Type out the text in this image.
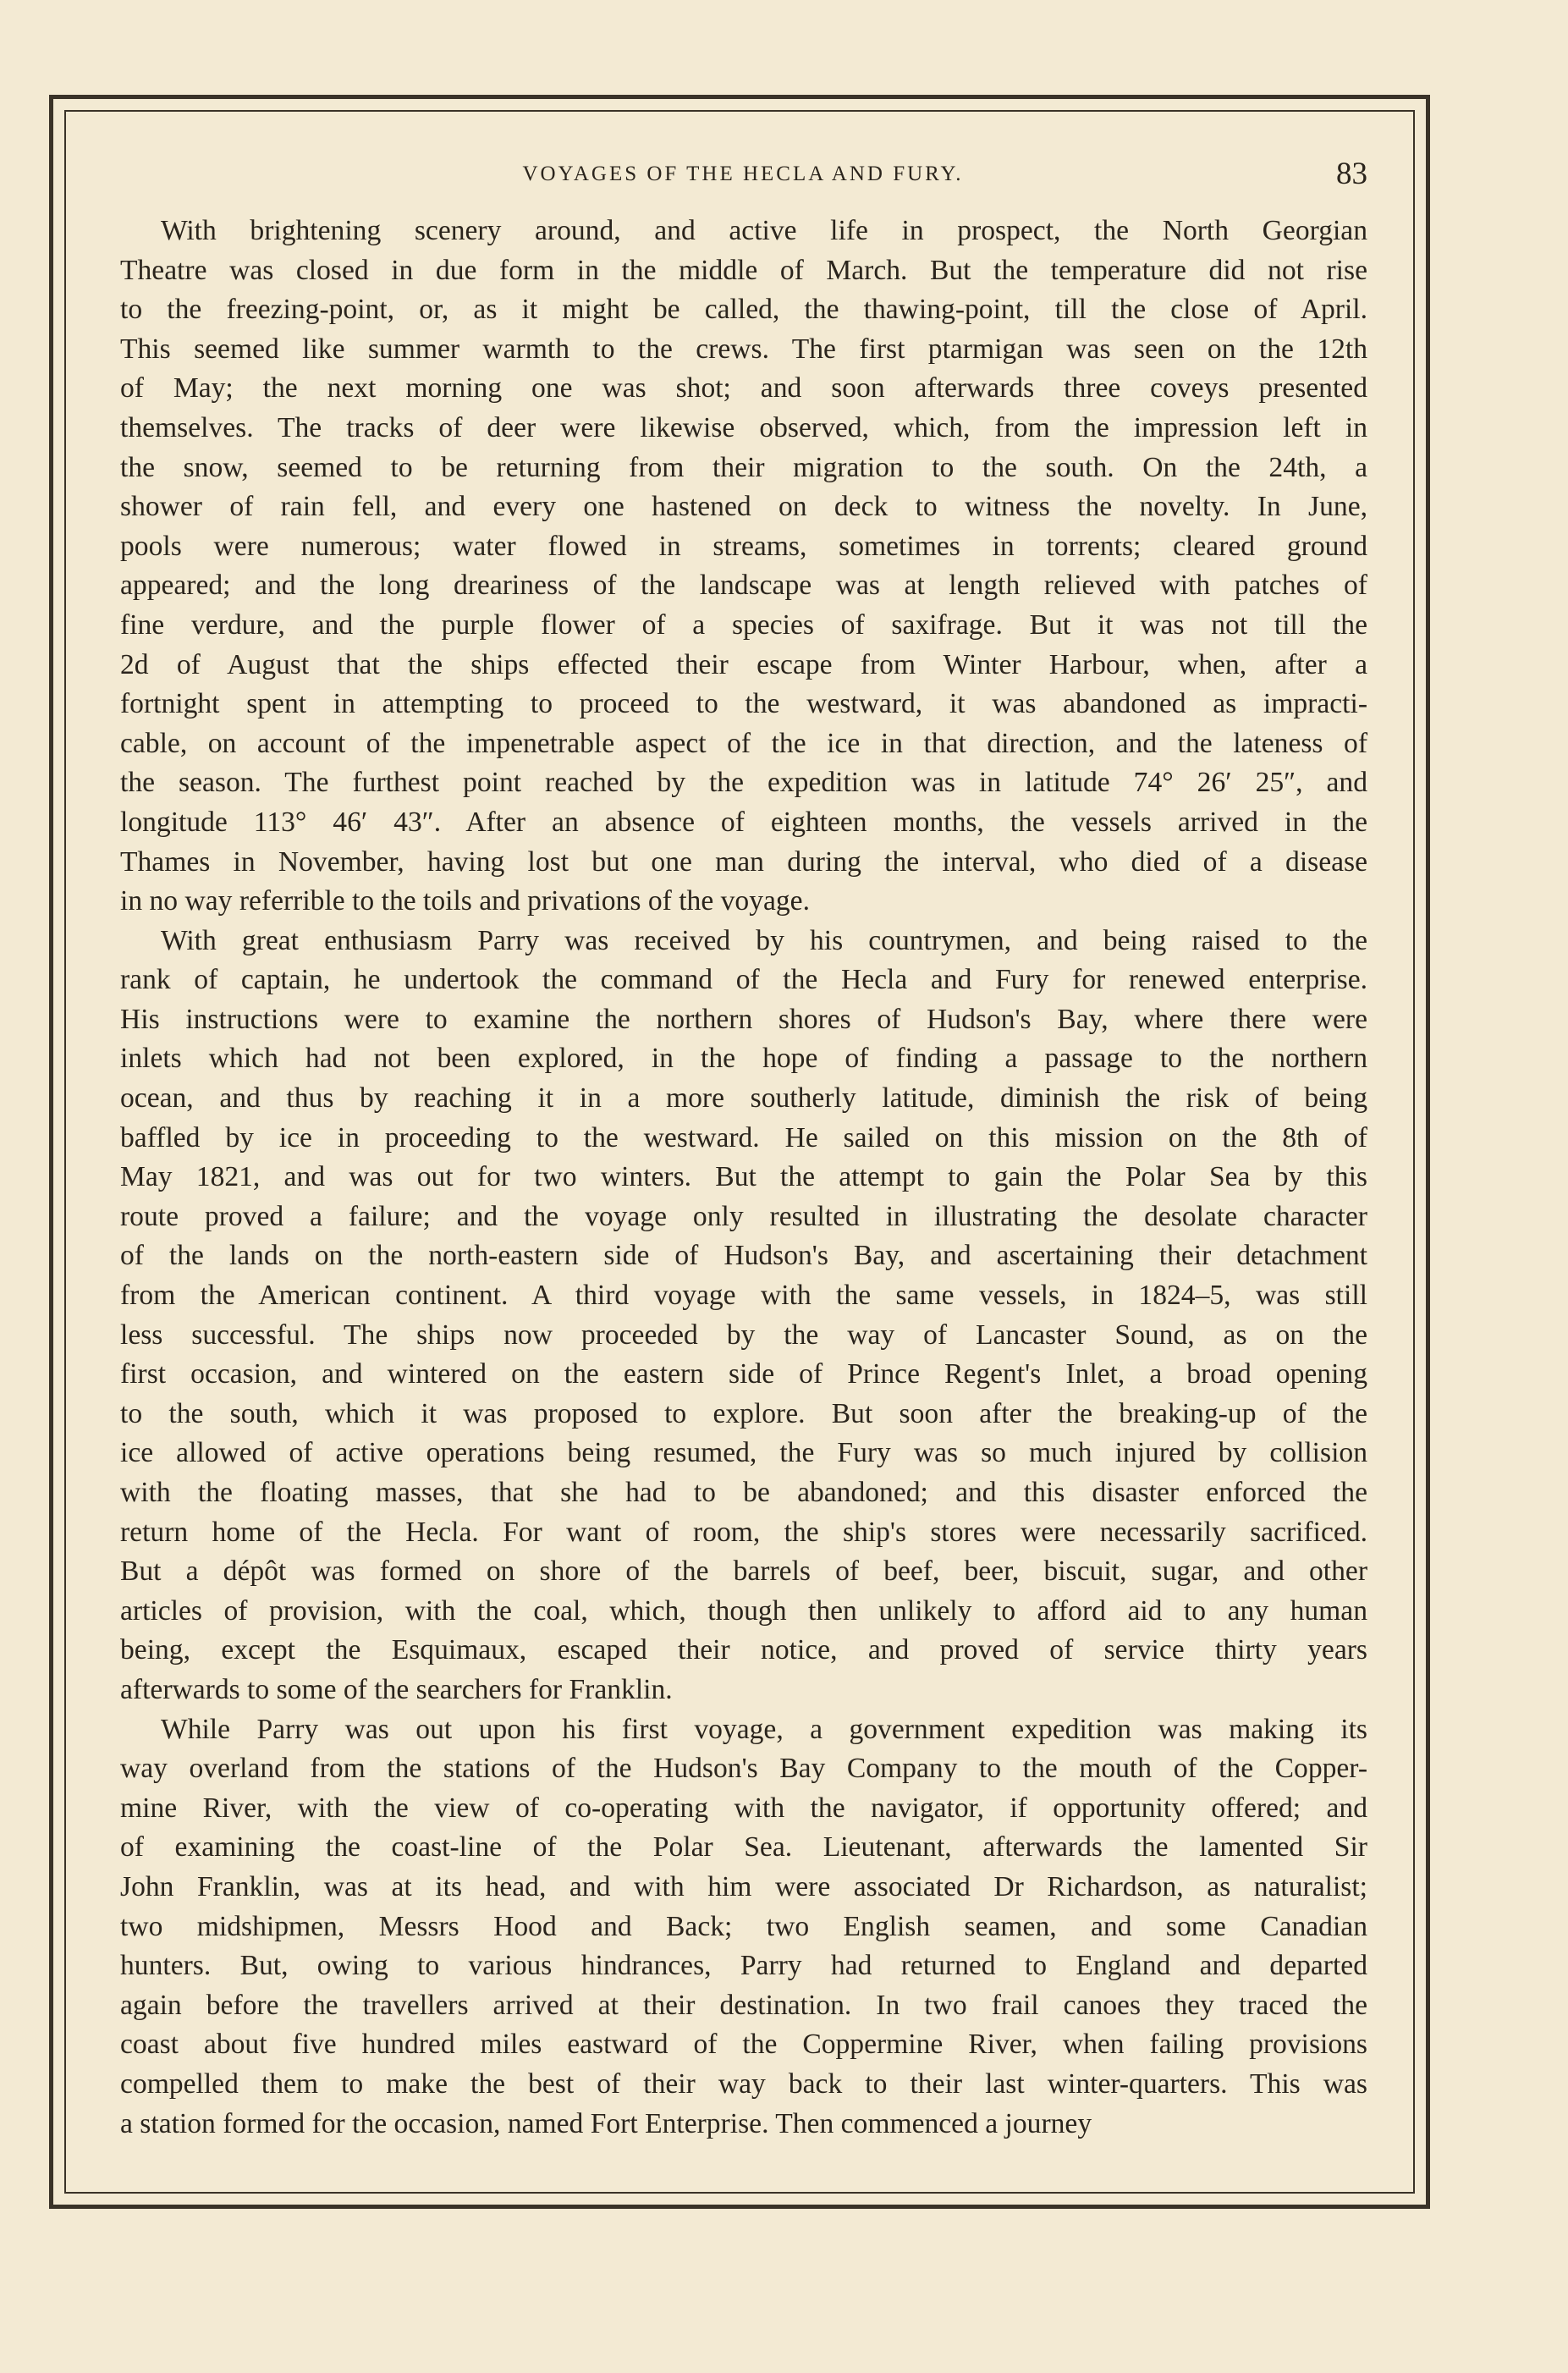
VOYAGES OF THE HECLA AND FURY.	83
With brightening scenery around, and active life in prospect, the North Georgian
Theatre was closed in due form in the middle of March. But the temperature did not rise
to the freezing-point, or, as it might be called, the thawing-point, till the close of April.
This seemed like summer warmth to the crews. The first ptarmigan was seen on the 12th
of May; the next morning one was shot; and soon afterwards three coveys presented
themselves. The tracks of deer were likewise observed, which, from the impression left in
the snow, seemed to be returning from their migration to the south. On the 24th, a
shower of rain fell, and every one hastened on deck to witness the novelty. In June,
pools were numerous; water flowed in streams, sometimes in torrents; cleared ground
appeared; and the long dreariness of the landscape was at length relieved with patches of
fine verdure, and the purple flower of a species of saxifrage. But it was not till the
2d of August that the ships effected their escape from Winter Harbour, when, after a
fortnight spent in attempting to proceed to the westward, it was abandoned as impracti-
cable, on account of the impenetrable aspect of the ice in that direction, and the lateness of
the season. The furthest point reached by the expedition was in latitude 74° 26′ 25″, and
longitude 113° 46′ 43″. After an absence of eighteen months, the vessels arrived in the
Thames in November, having lost but one man during the interval, who died of a disease
in no way referrible to the toils and privations of the voyage.
With great enthusiasm Parry was received by his countrymen, and being raised to the
rank of captain, he undertook the command of the Hecla and Fury for renewed enterprise.
His instructions were to examine the northern shores of Hudson's Bay, where there were
inlets which had not been explored, in the hope of finding a passage to the northern
ocean, and thus by reaching it in a more southerly latitude, diminish the risk of being
baffled by ice in proceeding to the westward. He sailed on this mission on the 8th of
May 1821, and was out for two winters. But the attempt to gain the Polar Sea by this
route proved a failure; and the voyage only resulted in illustrating the desolate character
of the lands on the north-eastern side of Hudson's Bay, and ascertaining their detachment
from the American continent. A third voyage with the same vessels, in 1824–5, was still
less successful. The ships now proceeded by the way of Lancaster Sound, as on the
first occasion, and wintered on the eastern side of Prince Regent's Inlet, a broad opening
to the south, which it was proposed to explore. But soon after the breaking-up of the
ice allowed of active operations being resumed, the Fury was so much injured by collision
with the floating masses, that she had to be abandoned; and this disaster enforced the
return home of the Hecla. For want of room, the ship's stores were necessarily sacrificed.
But a dépôt was formed on shore of the barrels of beef, beer, biscuit, sugar, and other
articles of provision, with the coal, which, though then unlikely to afford aid to any human
being, except the Esquimaux, escaped their notice, and proved of service thirty years
afterwards to some of the searchers for Franklin.
While Parry was out upon his first voyage, a government expedition was making its
way overland from the stations of the Hudson's Bay Company to the mouth of the Copper-
mine River, with the view of co-operating with the navigator, if opportunity offered; and
of examining the coast-line of the Polar Sea. Lieutenant, afterwards the lamented Sir
John Franklin, was at its head, and with him were associated Dr Richardson, as naturalist;
two midshipmen, Messrs Hood and Back; two English seamen, and some Canadian
hunters. But, owing to various hindrances, Parry had returned to England and departed
again before the travellers arrived at their destination. In two frail canoes they traced the
coast about five hundred miles eastward of the Coppermine River, when failing provisions
compelled them to make the best of their way back to their last winter-quarters. This was
a station formed for the occasion, named Fort Enterprise. Then commenced a journey
